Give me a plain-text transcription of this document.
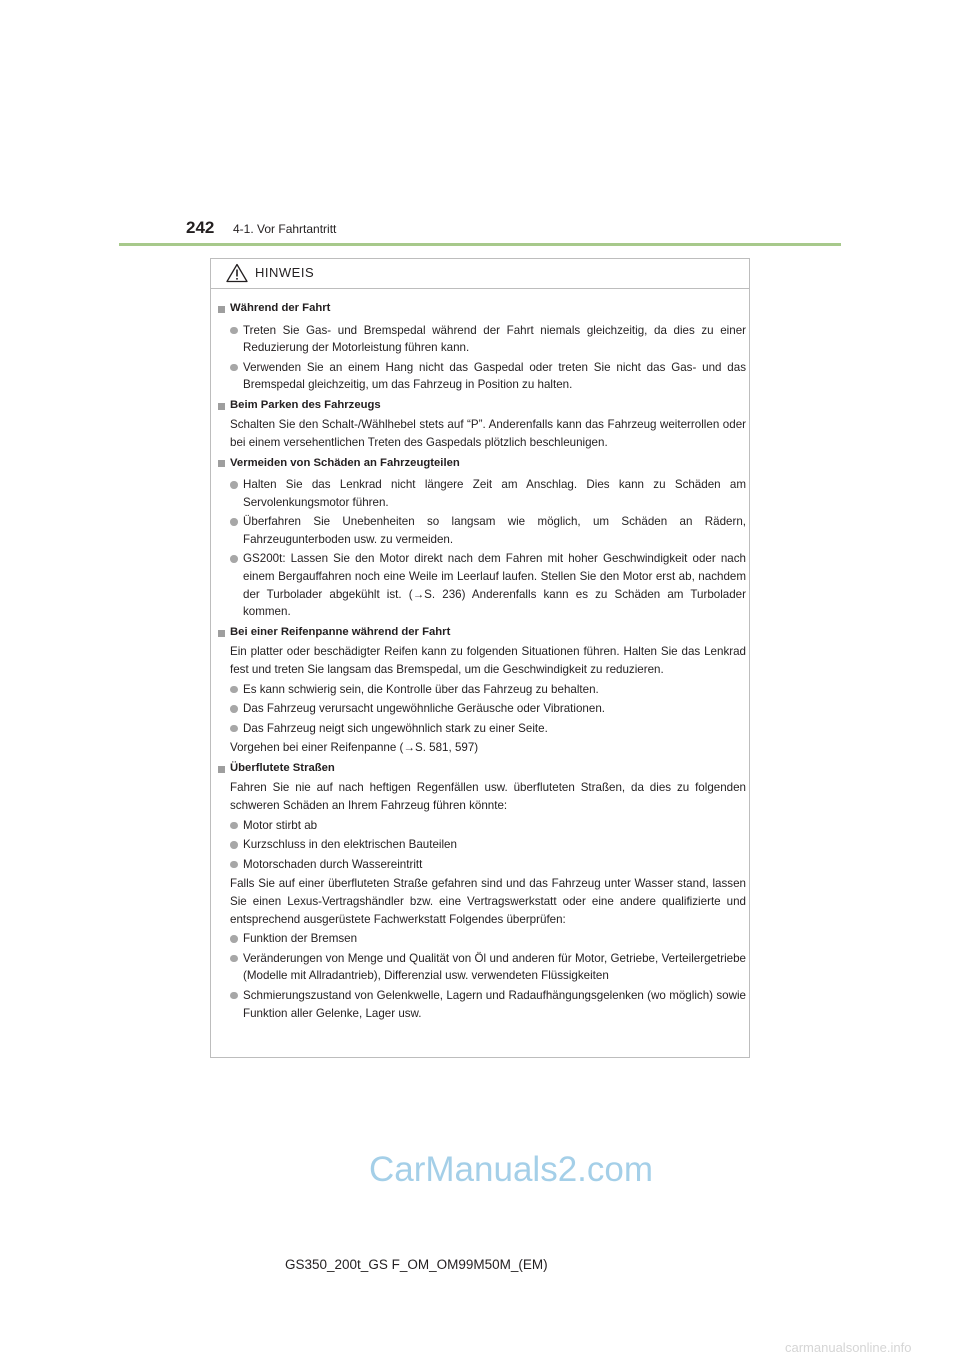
242 4-1. Vor Fahrtantritt
HINWEIS
Während der Fahrt
Treten Sie Gas- und Bremspedal während der Fahrt niemals gleichzeitig, da dies zu einer Reduzierung der Motorleistung führen kann.
Verwenden Sie an einem Hang nicht das Gaspedal oder treten Sie nicht das Gas- und das Bremspedal gleichzeitig, um das Fahrzeug in Position zu halten.
Beim Parken des Fahrzeugs

Schalten Sie den Schalt-/Wählhebel stets auf “P”. Anderenfalls kann das Fahrzeug weiterrollen oder bei einem versehentlichen Treten des Gaspedals plötzlich beschleunigen.

Vermeiden von Schäden an Fahrzeugteilen
Halten Sie das Lenkrad nicht längere Zeit am Anschlag. Dies kann zu Schäden am Servolenkungsmotor führen.
Überfahren Sie Unebenheiten so langsam wie möglich, um Schäden an Rädern, Fahrzeugunterboden usw. zu vermeiden.
GS200t: Lassen Sie den Motor direkt nach dem Fahren mit hoher Geschwindigkeit oder nach einem Bergauffahren noch eine Weile im Leerlauf laufen. Stellen Sie den Motor erst ab, nachdem der Turbolader abgekühlt ist. (→S. 236) Anderenfalls kann es zu Schäden am Turbolader kommen.
Bei einer Reifenpanne während der Fahrt

Ein platter oder beschädigter Reifen kann zu folgenden Situationen führen. Halten Sie das Lenkrad fest und treten Sie langsam das Bremspedal, um die Geschwindigkeit zu reduzieren.

Es kann schwierig sein, die Kontrolle über das Fahrzeug zu behalten.
Das Fahrzeug verursacht ungewöhnliche Geräusche oder Vibrationen.
Das Fahrzeug neigt sich ungewöhnlich stark zu einer Seite.

Vorgehen bei einer Reifenpanne (→S. 581, 597)

Überflutete Straßen

Fahren Sie nie auf nach heftigen Regenfällen usw. überfluteten Straßen, da dies zu folgenden schweren Schäden an Ihrem Fahrzeug führen könnte:

Motor stirbt ab
Kurzschluss in den elektrischen Bauteilen
Motorschaden durch Wassereintritt

Falls Sie auf einer überfluteten Straße gefahren sind und das Fahrzeug unter Wasser stand, lassen Sie einen Lexus-Vertragshändler bzw. eine Vertragswerkstatt oder eine andere qualifizierte und entsprechend ausgerüstete Fachwerkstatt Folgendes überprüfen:

Funktion der Bremsen
Veränderungen von Menge und Qualität von Öl und anderen für Motor, Getriebe, Verteilergetriebe (Modelle mit Allradantrieb), Differenzial usw. verwendeten Flüssigkeiten
Schmierungszustand von Gelenkwelle, Lagern und Radaufhängungsgelenken (wo möglich) sowie Funktion aller Gelenke, Lager usw.
CarManuals2.com
GS350_200t_GS F_OM_OM99M50M_(EM)
carmanualsonline.info
